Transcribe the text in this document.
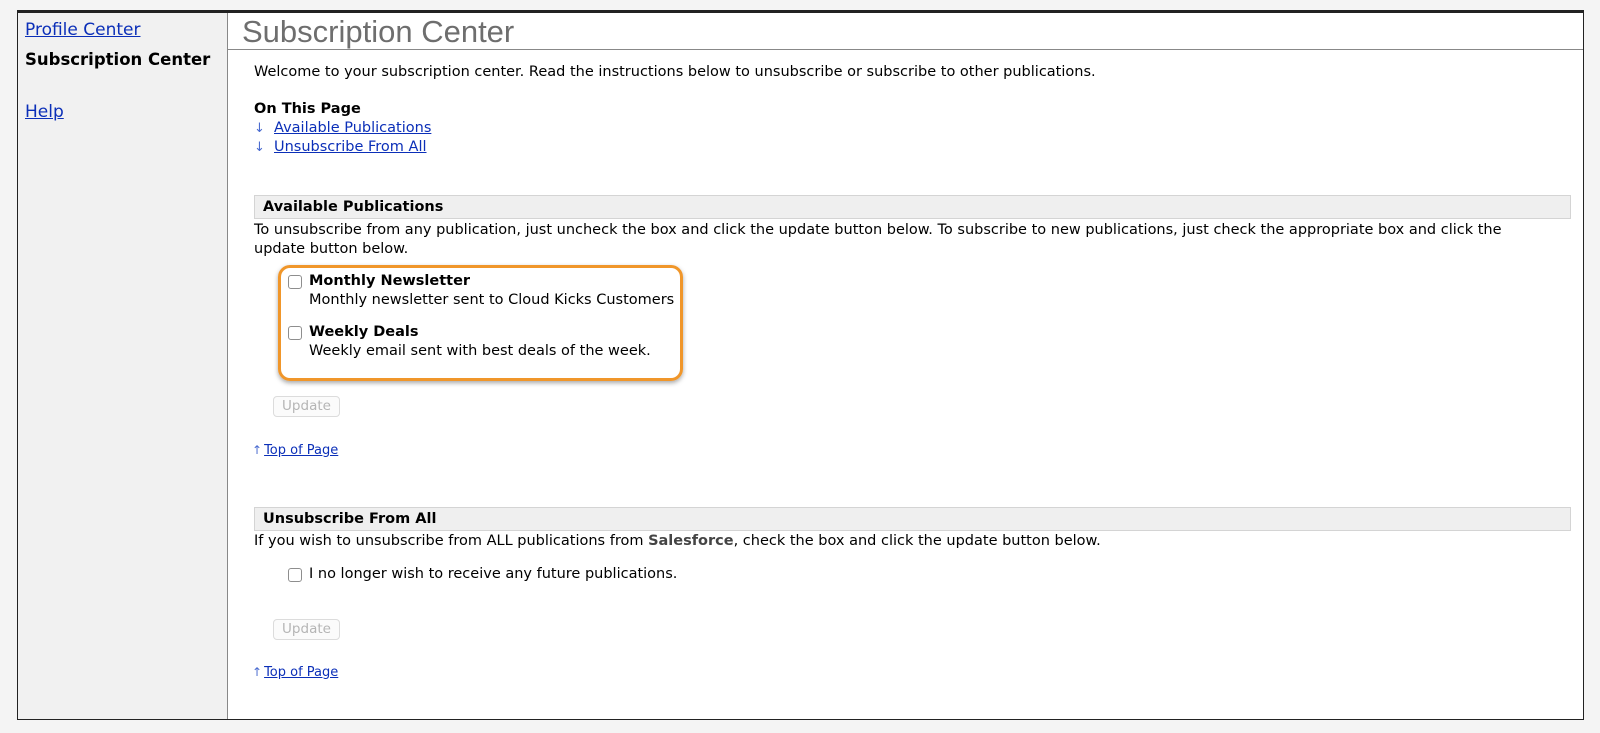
Profile Center
Subscription Center
Help
Subscription Center
Welcome to your subscription center. Read the instructions below to unsubscribe or subscribe to other publications.
On This Page
↓ Available Publications
↓ Unsubscribe From All
Available Publications
To unsubscribe from any publication, just uncheck the box and click the update button below. To subscribe to new publications, just check the appropriate box and click the update button below.
Monthly Newsletter
Monthly newsletter sent to Cloud Kicks Customers
Weekly Deals
Weekly email sent with best deals of the week.
Update
↑ Top of Page
Unsubscribe From All
If you wish to unsubscribe from ALL publications from Salesforce, check the box and click the update button below.
I no longer wish to receive any future publications.
Update
↑ Top of Page
